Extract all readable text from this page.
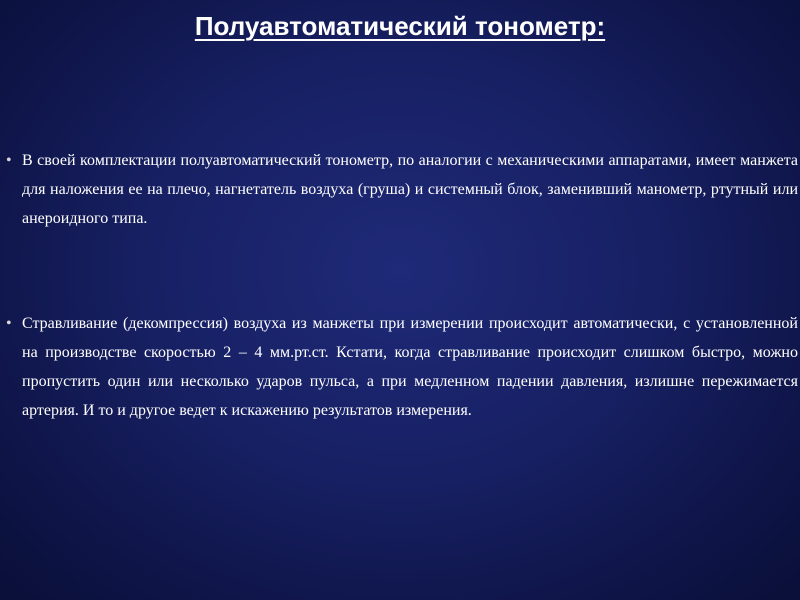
Полуавтоматический тонометр:
• В своей комплектации полуавтоматический тонометр, по аналогии с механическими аппаратами, имеет манжета для наложения ее на плечо, нагнетатель воздуха (груша) и системный блок, заменивший манометр, ртутный или анероидного типа.
• Стравливание (декомпрессия) воздуха из манжеты при измерении происходит автоматически, с установленной на производстве скоростью 2 – 4 мм.рт.ст. Кстати, когда стравливание происходит слишком быстро, можно пропустить один или несколько ударов пульса, а при медленном падении давления, излишне пережимается артерия. И то и другое ведет к искажению результатов измерения.
